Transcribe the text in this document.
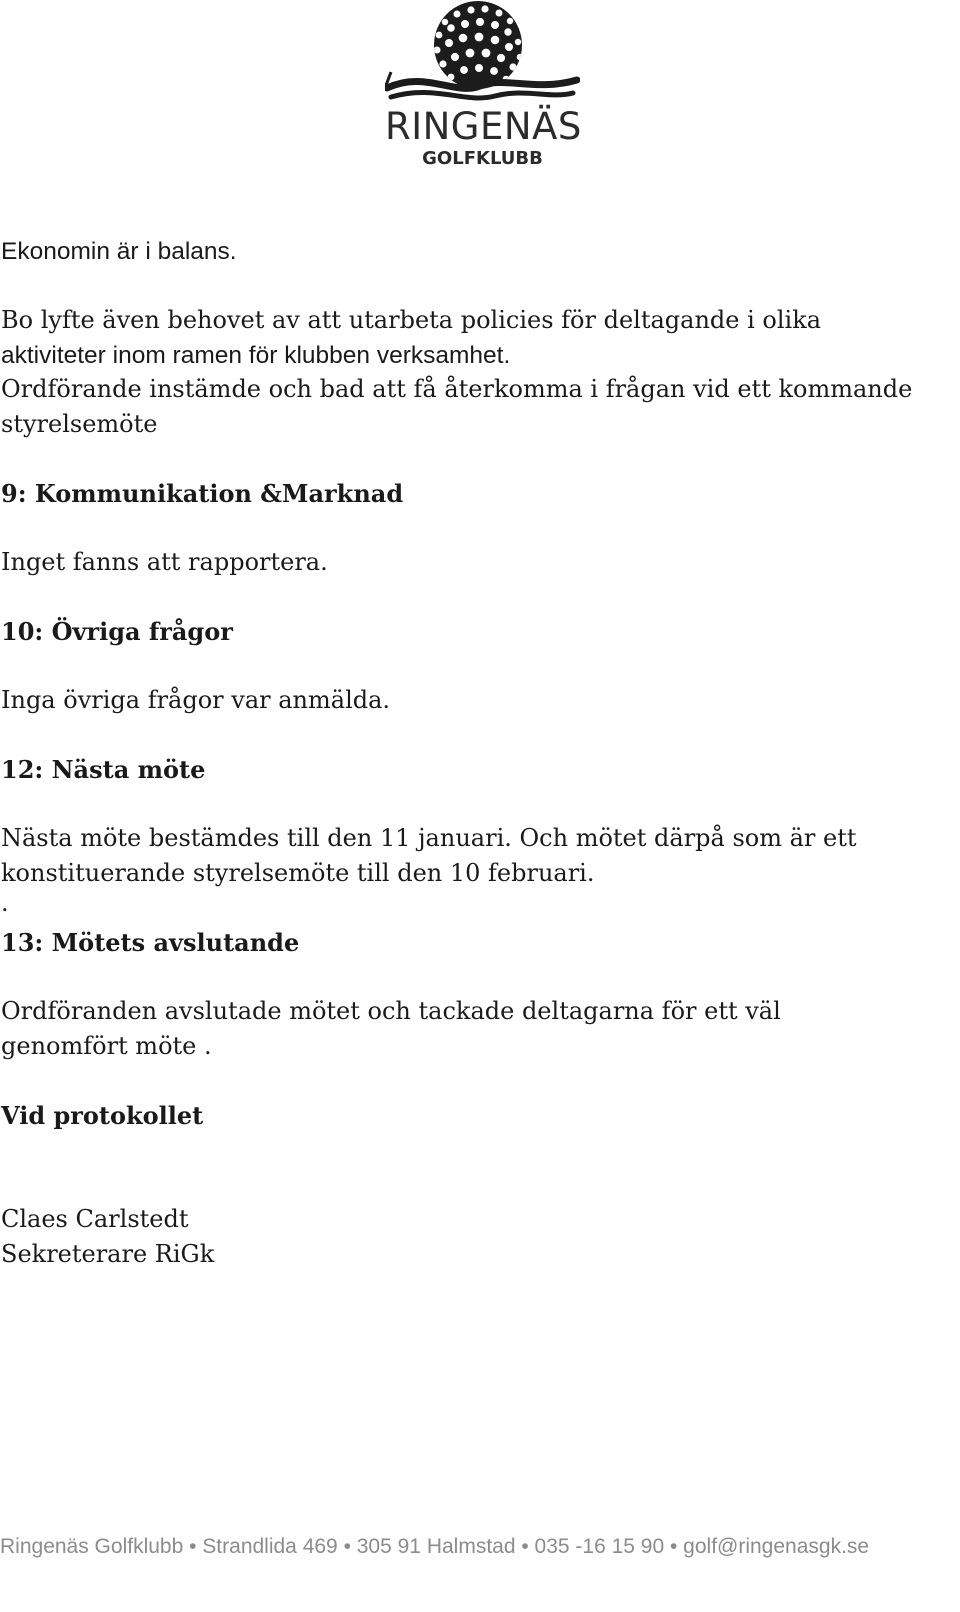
RINGENÄS
GOLFKLUBB
Ekonomin är i balans.
Bo lyfte även behovet av att utarbeta policies för deltagande i olika
aktiviteter inom ramen för klubben verksamhet.
Ordförande instämde och bad att få återkomma i frågan vid ett kommande
styrelsemöte
9: Kommunikation &Marknad
Inget fanns att rapportera.
10: Övriga frågor
Inga övriga frågor var anmälda.
12: Nästa möte
Nästa möte bestämdes till den 11 januari. Och mötet därpå som är ett
konstituerande styrelsemöte till den 10 februari.
.
13: Mötets avslutande
Ordföranden avslutade mötet och tackade deltagarna för ett väl
genomfört möte .
Vid protokollet
Claes Carlstedt
Sekreterare RiGk
Ringenäs Golfklubb • Strandlida 469 • 305 91 Halmstad • 035 -16 15 90 • golf@ringenasgk.se
